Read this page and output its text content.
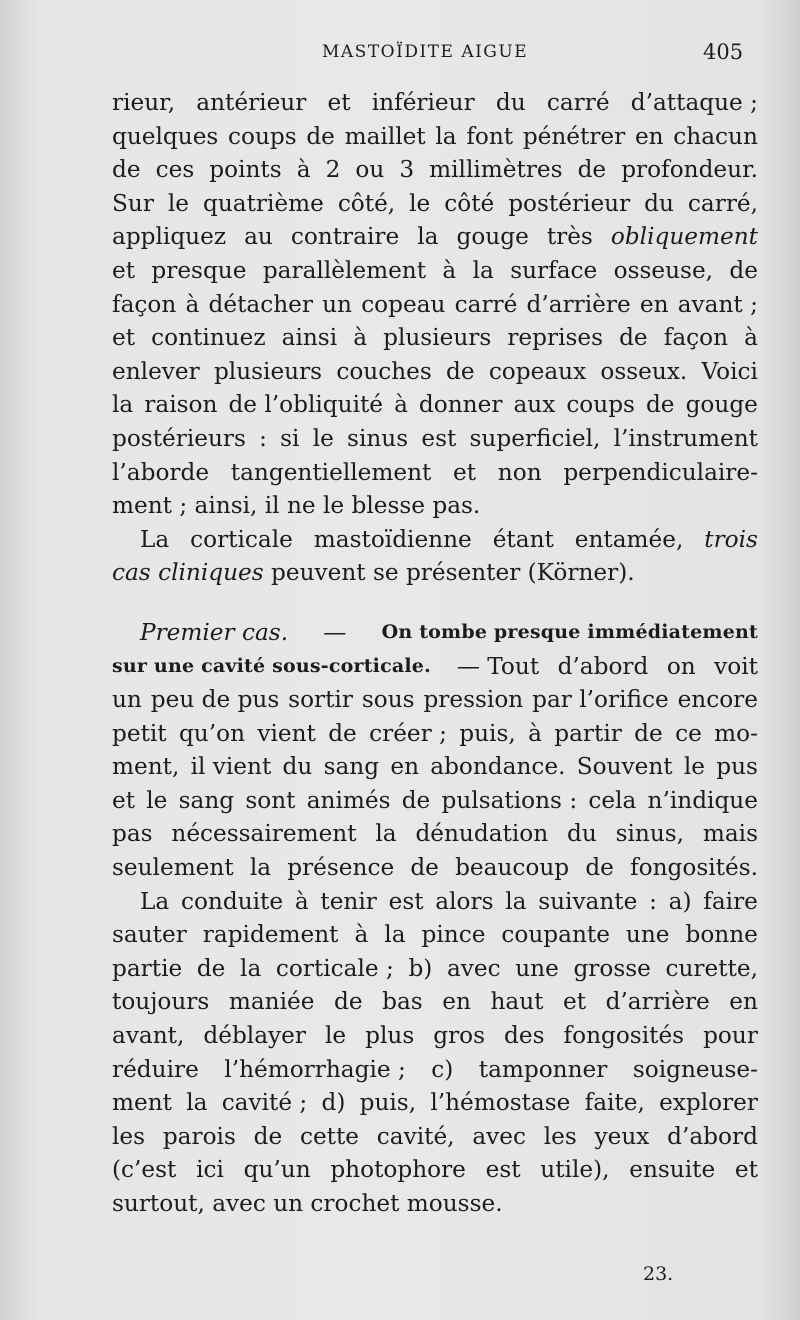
MASTOÏDITE AIGUE	405
rieur, antérieur et inférieur du carré d’attaque ;
quelques coups de maillet la font pénétrer en chacun
de ces points à 2 ou 3 millimètres de profondeur.
Sur le quatrième côté, le côté postérieur du carré,
appliquez au contraire la gouge très obliquement
et presque parallèlement à la surface osseuse, de
façon à détacher un copeau carré d’arrière en avant ;
et continuez ainsi à plusieurs reprises de façon à
enlever plusieurs couches de copeaux osseux. Voici
la raison de l’obliquité à donner aux coups de gouge
postérieurs : si le sinus est superficiel, l’instrument
l’aborde tangentiellement et non perpendiculaire-
ment ; ainsi, il ne le blesse pas.
La corticale mastoïdienne étant entamée, trois
cas cliniques peuvent se présenter (Körner).
Premier cas. — On tombe presque immédiatement
sur une cavité sous-corticale. — Tout d’abord on voit
un peu de pus sortir sous pression par l’orifice encore
petit qu’on vient de créer ; puis, à partir de ce mo-
ment, il vient du sang en abondance. Souvent le pus
et le sang sont animés de pulsations : cela n’indique
pas nécessairement la dénudation du sinus, mais
seulement la présence de beaucoup de fongosités.
La conduite à tenir est alors la suivante : a) faire
sauter rapidement à la pince coupante une bonne
partie de la corticale ; b) avec une grosse curette,
toujours maniée de bas en haut et d’arrière en
avant, déblayer le plus gros des fongosités pour
réduire l’hémorrhagie ; c) tamponner soigneuse-
ment la cavité ; d) puis, l’hémostase faite, explorer
les parois de cette cavité, avec les yeux d’abord
(c’est ici qu’un photophore est utile), ensuite et
surtout, avec un crochet mousse.
23.
